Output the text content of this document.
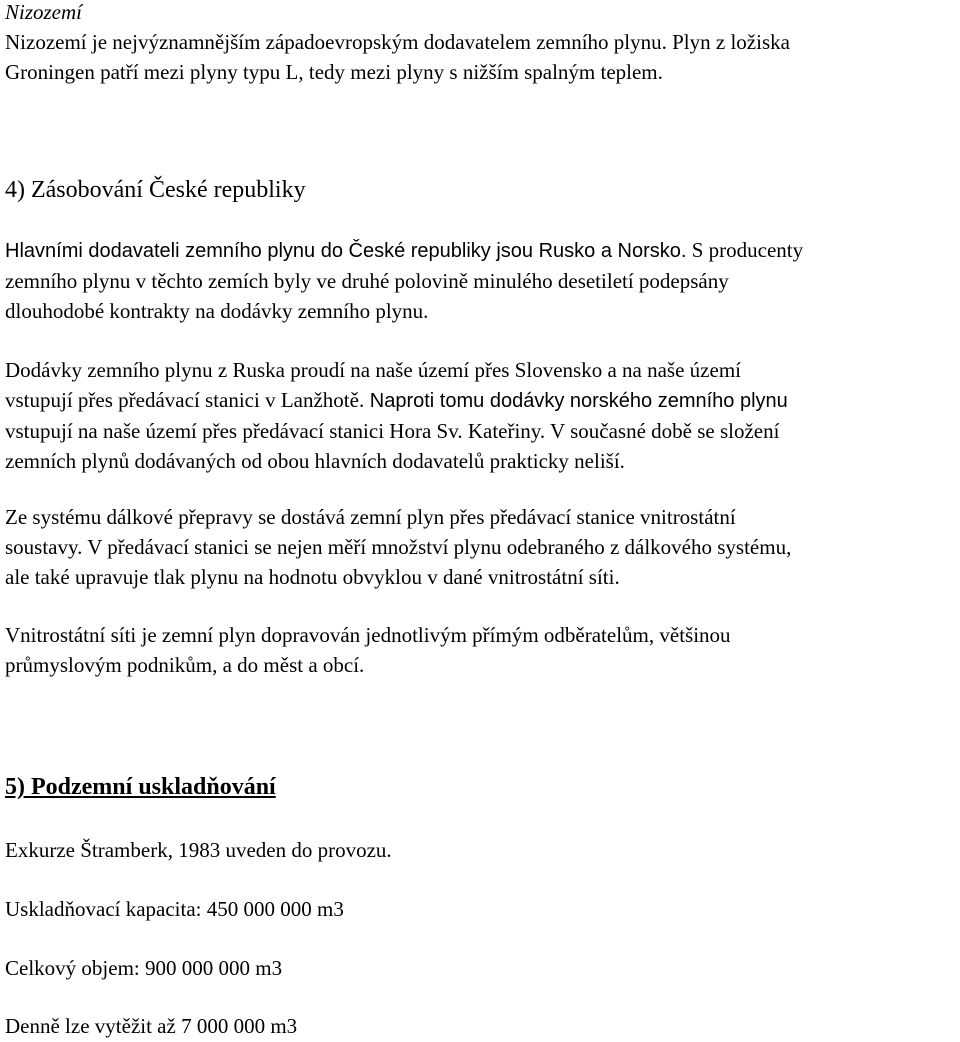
Nizozemí
Nizozemí je nejvýznamnějším západoevropským dodavatelem zemního plynu. Plyn z ložiska
Groningen patří mezi plyny typu L, tedy mezi plyny s nižším spalným teplem.
4) Zásobování České republiky
Hlavními dodavateli zemního plynu do České republiky jsou Rusko a Norsko. S producenty
zemního plynu v těchto zemích byly ve druhé polovině minulého desetiletí podepsány
dlouhodobé kontrakty na dodávky zemního plynu.
Dodávky zemního plynu z Ruska proudí na naše území přes Slovensko a na naše území
vstupují přes předávací stanici v Lanžhotě. Naproti tomu dodávky norského zemního plynu
vstupují na naše území přes předávací stanici Hora Sv. Kateřiny. V současné době se složení
zemních plynů dodávaných od obou hlavních dodavatelů prakticky neliší.
Ze systému dálkové přepravy se dostává zemní plyn přes předávací stanice vnitrostátní
soustavy. V předávací stanici se nejen měří množství plynu odebraného z dálkového systému,
ale také upravuje tlak plynu na hodnotu obvyklou v dané vnitrostátní síti.
Vnitrostátní síti je zemní plyn dopravován jednotlivým přímým odběratelům, většinou
průmyslovým podnikům, a do měst a obcí.
5) Podzemní uskladňování
Exkurze Štramberk, 1983 uveden do provozu.
Uskladňovací kapacita: 450 000 000 m3
Celkový objem: 900 000 000 m3
Denně lze vytěžit až 7 000 000 m3
